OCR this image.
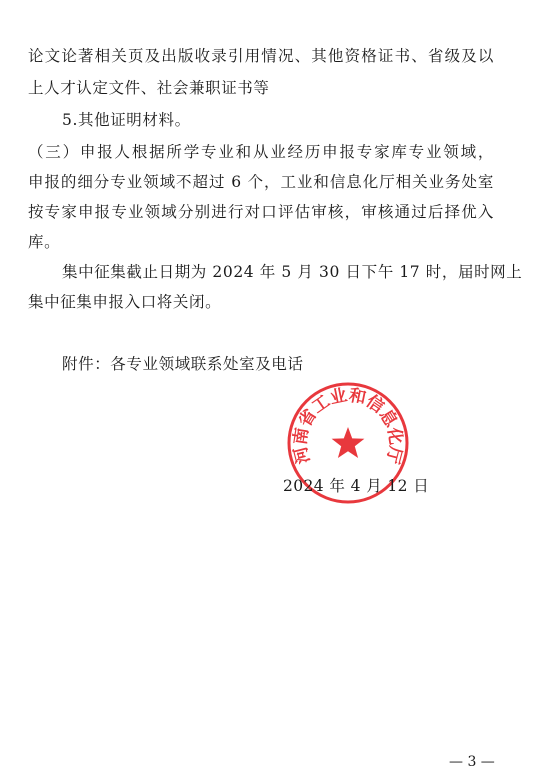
论文论著相关页及出版收录引用情况、其他资格证书、省级及以
上人才认定文件、社会兼职证书等
5.其他证明材料。
（三）申报人根据所学专业和从业经历申报专家库专业领域，
申报的细分专业领域不超过 6 个，工业和信息化厅相关业务处室
按专家申报专业领域分别进行对口评估审核，审核通过后择优入
库。
集中征集截止日期为 2024 年 5 月 30 日下午 17 时，届时网上
集中征集申报入口将关闭。
附件：各专业领域联系处室及电话
河南省工业和信息化厅
2024 年 4 月 12 日
— 3 —
